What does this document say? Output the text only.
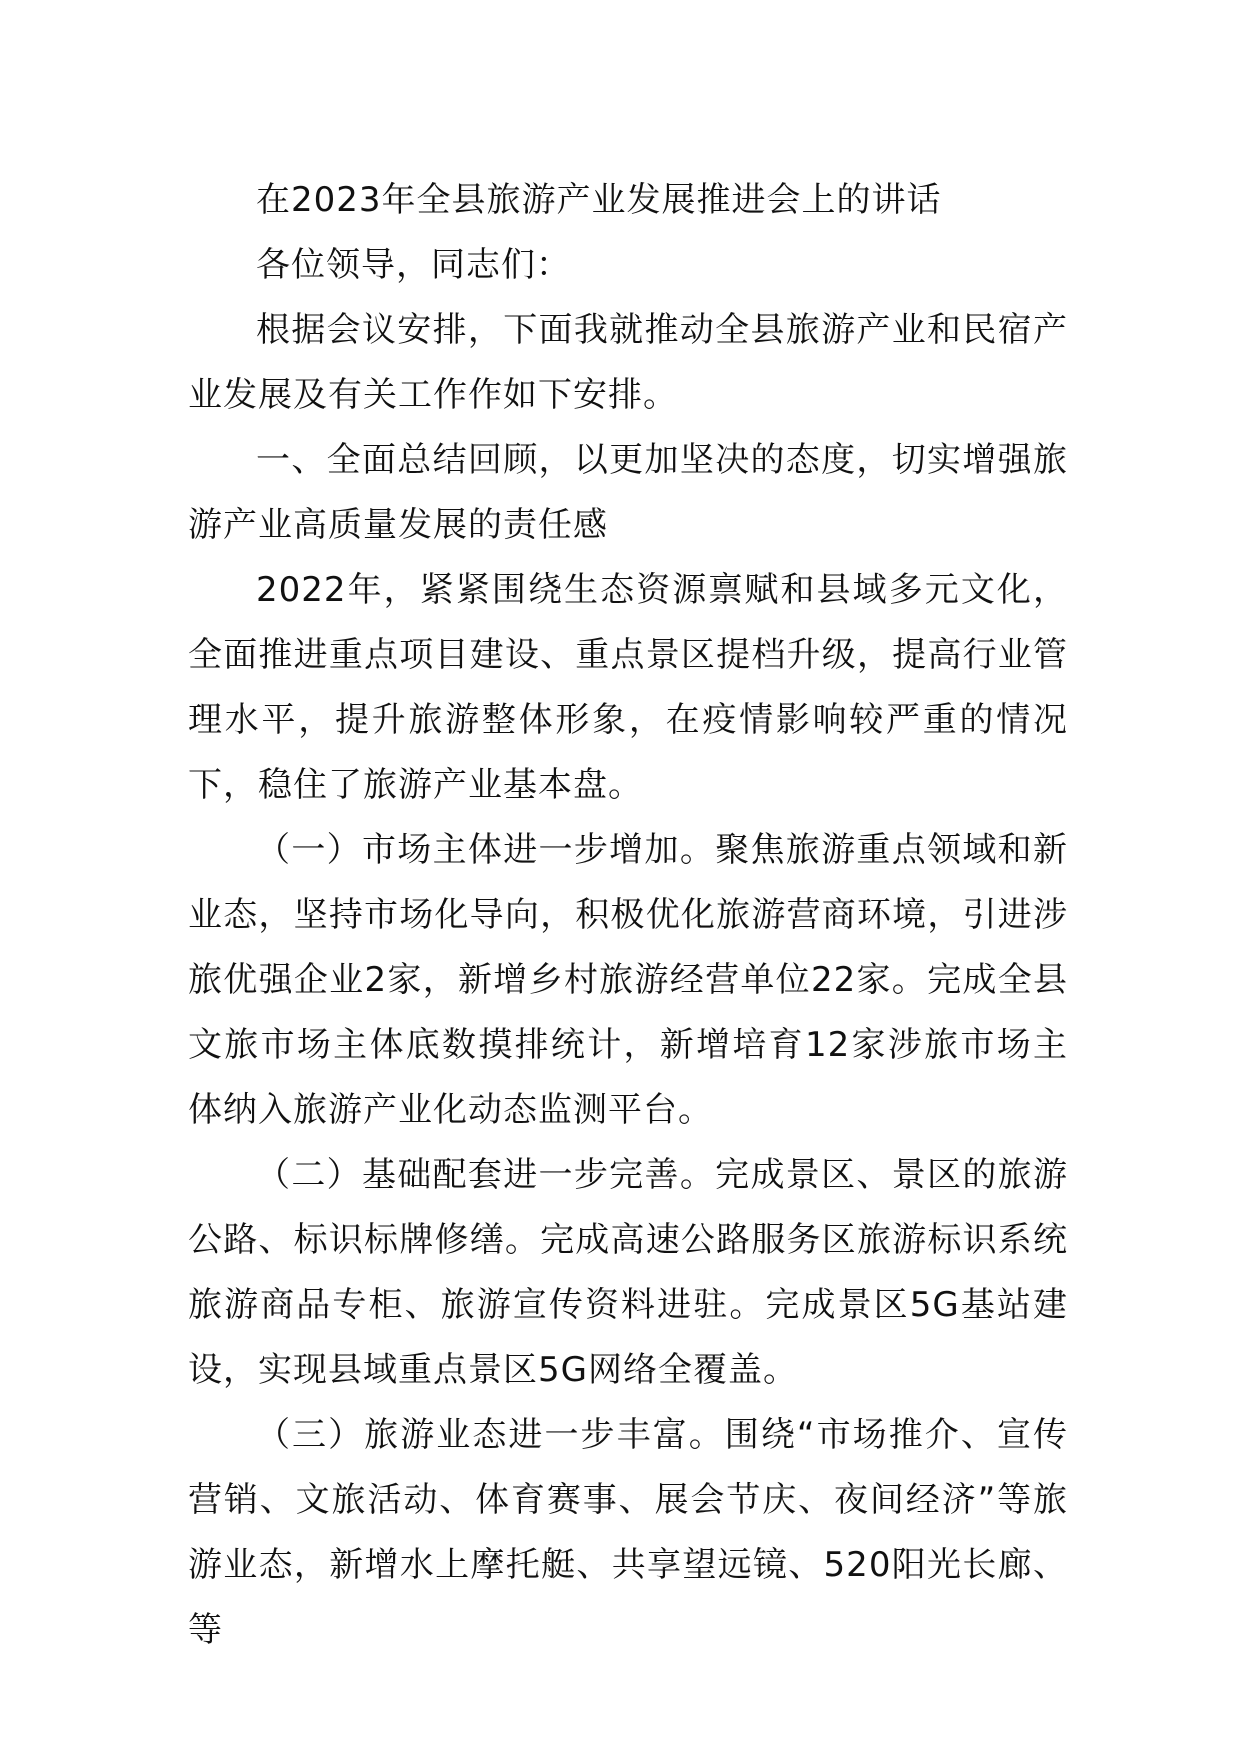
在2023年全县旅游产业发展推进会上的讲话

各位领导，同志们：

根据会议安排，下面我就推动全县旅游产业和民宿产业发展及有关工作作如下安排。

一、全面总结回顾，以更加坚决的态度，切实增强旅游产业高质量发展的责任感

2022年，紧紧围绕生态资源禀赋和县域多元文化，全面推进重点项目建设、重点景区提档升级，提高行业管理水平，提升旅游整体形象，在疫情影响较严重的情况下，稳住了旅游产业基本盘。

（一）市场主体进一步增加。聚焦旅游重点领域和新业态，坚持市场化导向，积极优化旅游营商环境，引进涉旅优强企业2家，新增乡村旅游经营单位22家。完成全县文旅市场主体底数摸排统计，新增培育12家涉旅市场主体纳入旅游产业化动态监测平台。

（二）基础配套进一步完善。完成景区、景区的旅游公路、标识标牌修缮。完成高速公路服务区旅游标识系统旅游商品专柜、旅游宣传资料进驻。完成景区5G基站建设，实现县域重点景区5G网络全覆盖。

（三）旅游业态进一步丰富。围绕“市场推介、宣传营销、文旅活动、体育赛事、展会节庆、夜间经济”等旅游业态，新增水上摩托艇、共享望远镜、520阳光长廊、等
